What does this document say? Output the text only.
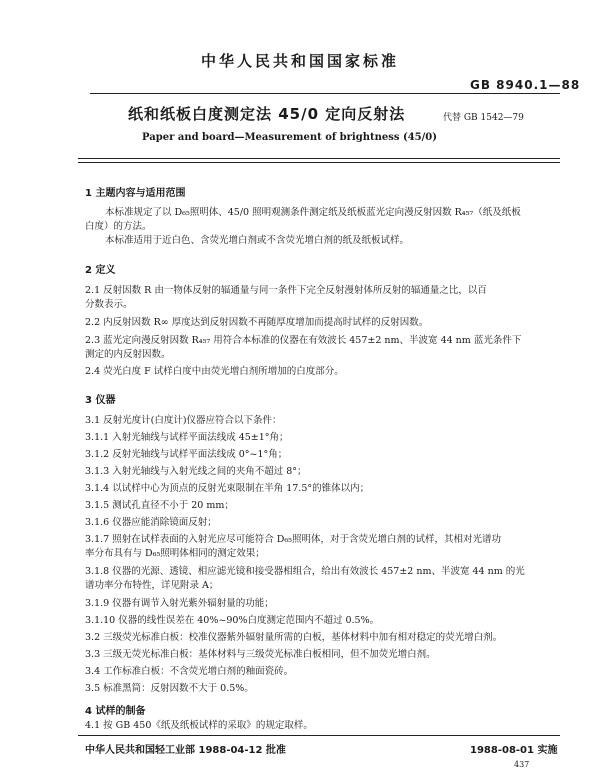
中华人民共和国国家标准
GB 8940.1—88
纸和纸板白度测定法 45/0 定向反射法	代替 GB 1542—79
Paper and board—Measurement of brightness (45/0)
1 主题内容与适用范围
本标准规定了以 D₆₅照明体、45/0 照明观测条件测定纸及纸板蓝光定向漫反射因数 R₄₅₇（纸及纸板
白度）的方法。
本标准适用于近白色、含荧光增白剂或不含荧光增白剂的纸及纸板试样。
2 定义
2.1 反射因数 R 由一物体反射的辐通量与同一条件下完全反射漫射体所反射的辐通量之比，以百
分数表示。
2.2 内反射因数 R∞ 厚度达到反射因数不再随厚度增加而提高时试样的反射因数。
2.3 蓝光定向漫反射因数 R₄₅₇ 用符合本标准的仪器在有效波长 457±2 nm、半波宽 44 nm 蓝光条件下
测定的内反射因数。
2.4 荧光白度 F 试样白度中由荧光增白剂所增加的白度部分。
3 仪器
3.1 反射光度计(白度计)仪器应符合以下条件：
3.1.1 入射光轴线与试样平面法线成 45±1°角；
3.1.2 反射光轴线与试样平面法线成 0°~1°角；
3.1.3 入射光轴线与入射光线之间的夹角不超过 8°；
3.1.4 以试样中心为顶点的反射光束限制在半角 17.5°的锥体以内；
3.1.5 测试孔直径不小于 20 mm；
3.1.6 仪器应能消除镜面反射；
3.1.7 照射在试样表面的入射光应尽可能符合 D₆₅照明体，对于含荧光增白剂的试样，其相对光谱功
率分布具有与 D₆₅照明体相同的测定效果；
3.1.8 仪器的光源、透镜、相应滤光镜和接受器相组合，给出有效波长 457±2 nm、半波宽 44 nm 的光
谱功率分布特性，详见附录 A；
3.1.9 仪器有调节入射光紫外辐射量的功能；
3.1.10 仪器的线性误差在 40%~90%白度测定范围内不超过 0.5%。
3.2 三级荧光标准白板：校准仪器紫外辐射量所需的白板，基体材料中加有相对稳定的荧光增白剂。
3.3 三级无荧光标准白板：基体材料与三级荧光标准白板相同，但不加荧光增白剂。
3.4 工作标准白板：不含荧光增白剂的釉面瓷砖。
3.5 标准黑筒：反射因数不大于 0.5%。
4 试样的制备
4.1 按 GB 450《纸及纸板试样的采取》的规定取样。
中华人民共和国轻工业部 1988-04-12 批准	1988-08-01 实施
437
